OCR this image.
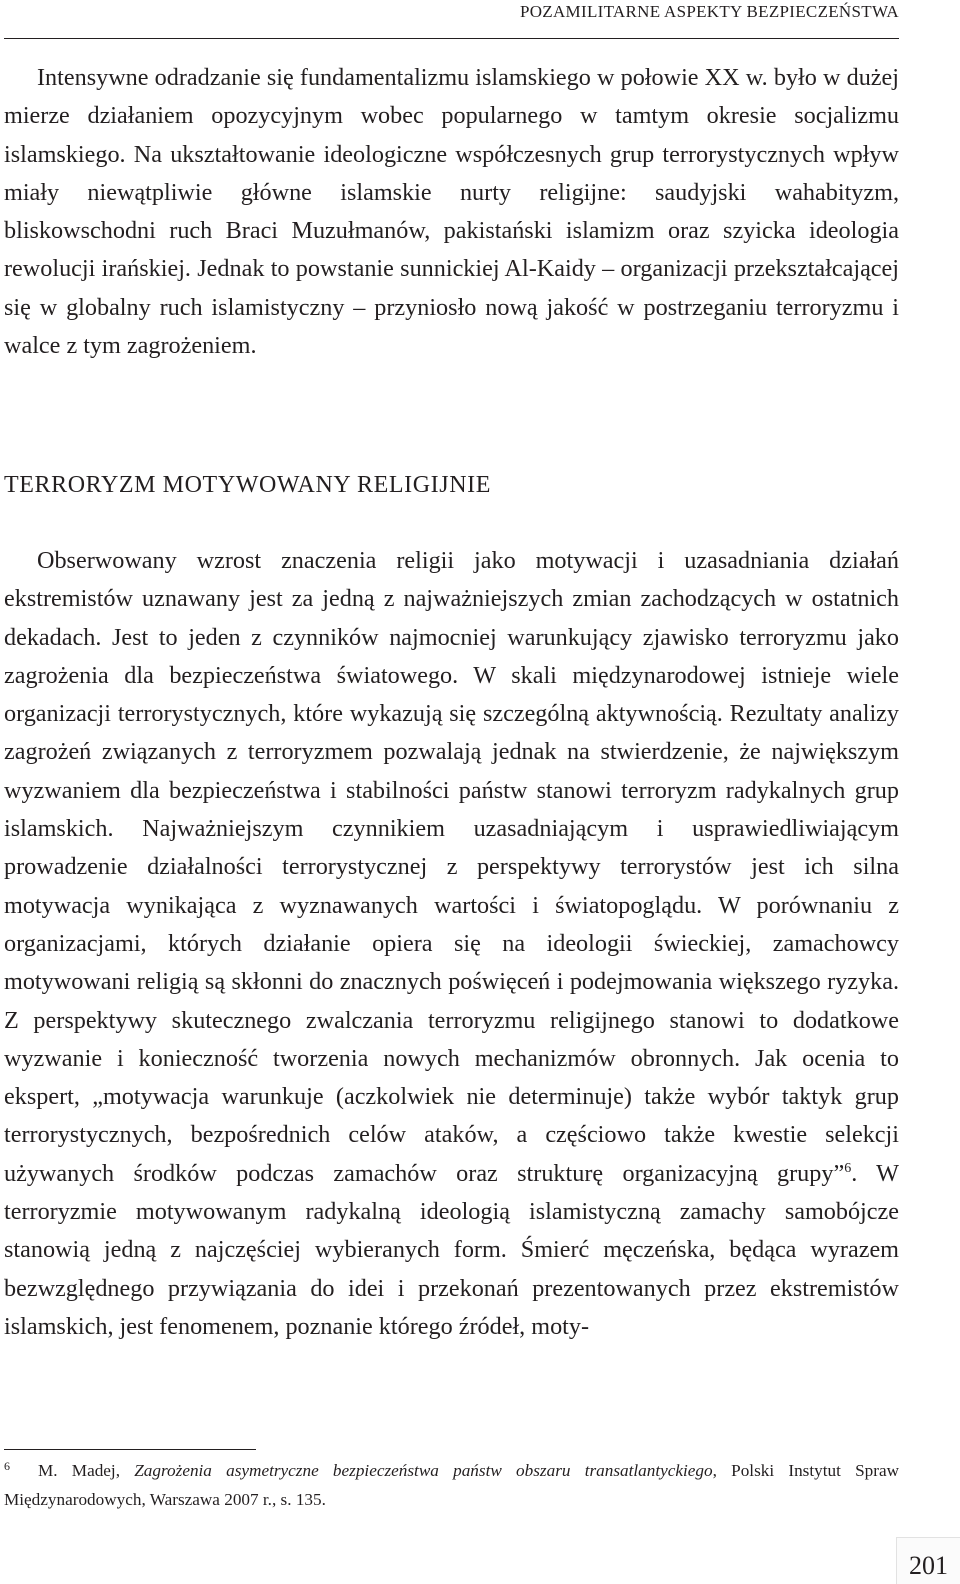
POZAMILITARNE ASPEKTY BEZPIECZEŃSTWA

Intensywne odradzanie się fundamentalizmu islamskiego w połowie XX w. było w dużej mierze działaniem opozycyjnym wobec popularnego w tamtym okresie socjalizmu islamskiego. Na ukształtowanie ideologiczne współczesnych grup terrorystycznych wpływ miały niewątpliwie główne islamskie nurty religijne: saudyjski wahabityzm, bliskowschodni ruch Braci Muzułmanów, pakistański islamizm oraz szyicka ideologia rewolucji irańskiej. Jednak to powstanie sunnickiej Al-Kaidy – organizacji przekształcającej się w globalny ruch islamistyczny – przyniosło nową jakość w postrzeganiu terroryzmu i walce z tym zagrożeniem.

TERRORYZM MOTYWOWANY RELIGIJNIE

Obserwowany wzrost znaczenia religii jako motywacji i uzasadniania działań ekstremistów uznawany jest za jedną z najważniejszych zmian zachodzących w ostatnich dekadach. Jest to jeden z czynników najmocniej warunkujący zjawisko terroryzmu jako zagrożenia dla bezpieczeństwa światowego. W skali międzynarodowej istnieje wiele organizacji terrorystycznych, które wykazują się szczególną aktywnością. Rezultaty analizy zagrożeń związanych z terroryzmem pozwalają jednak na stwierdzenie, że największym wyzwaniem dla bezpieczeństwa i stabilności państw stanowi terroryzm radykalnych grup islamskich. Najważniejszym czynnikiem uzasadniającym i usprawiedliwiającym prowadzenie działalności terrorystycznej z perspektywy terrorystów jest ich silna motywacja wynikająca z wyznawanych wartości i światopoglądu. W porównaniu z organizacjami, których działanie opiera się na ideologii świeckiej, zamachowcy motywowani religią są skłonni do znacznych poświęceń i podejmowania większego ryzyka. Z perspektywy skutecznego zwalczania terroryzmu religijnego stanowi to dodatkowe wyzwanie i konieczność tworzenia nowych mechanizmów obronnych. Jak ocenia to ekspert, „motywacja warunkuje (aczkolwiek nie determinuje) także wybór taktyk grup terrorystycznych, bezpośrednich celów ataków, a częściowo także kwestie selekcji używanych środków podczas zamachów oraz strukturę organizacyjną grupy”$^6$. W terroryzmie motywowanym radykalną ideologią islamistyczną zamachy samobójcze stanowią jedną z najczęściej wybieranych form. Śmierć męczeńska, będąca wyrazem bezwzględnego przywiązania do idei i przekonań prezentowanych przez ekstremistów islamskich, jest fenomenem, poznanie którego źródeł, moty-

6 M. Madej, Zagrożenia asymetryczne bezpieczeństwa państw obszaru transatlantyckiego, Polski Instytut Spraw Międzynarodowych, Warszawa 2007 r., s. 135.

201
